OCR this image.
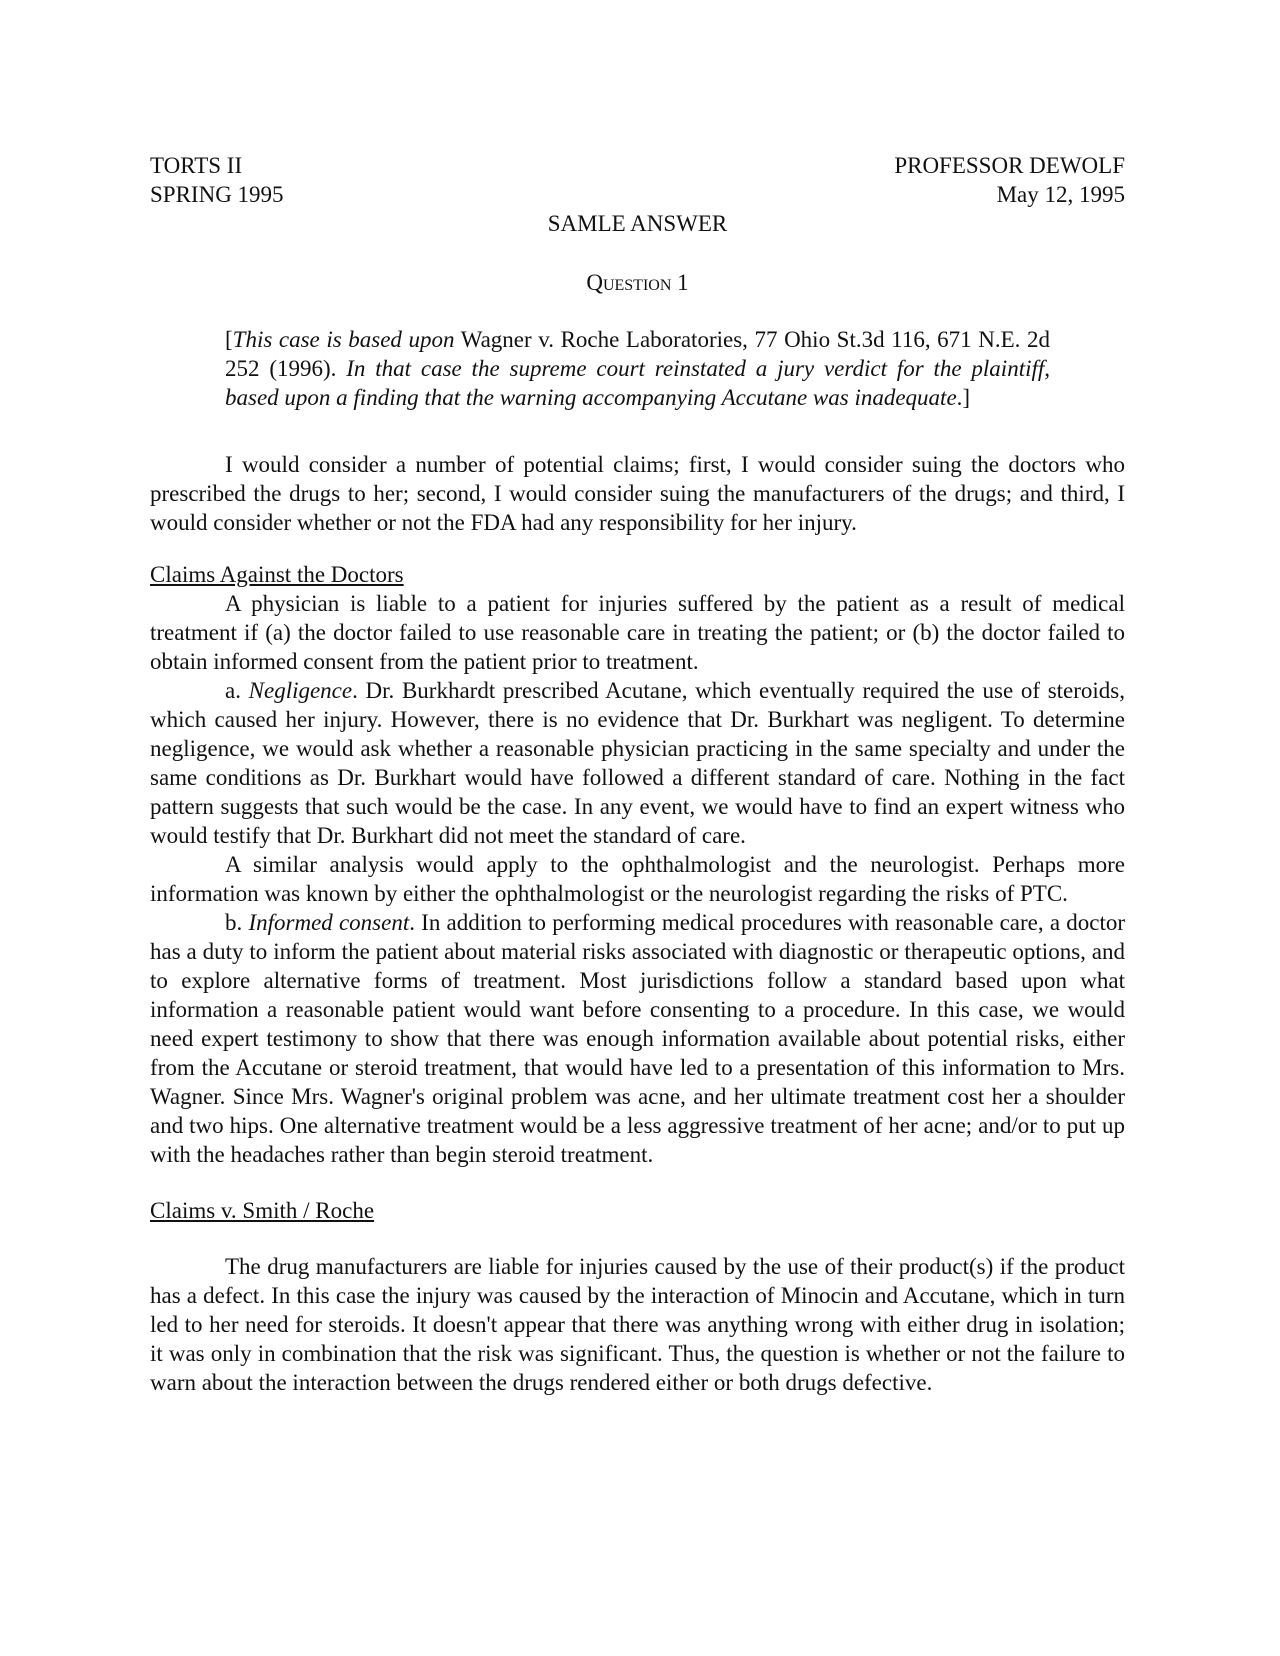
TORTS II
SPRING 1995
PROFESSOR DEWOLF
May 12, 1995
SAMLE ANSWER
Question 1
[This case is based upon Wagner v. Roche Laboratories, 77 Ohio St.3d 116, 671 N.E. 2d 252 (1996). In that case the supreme court reinstated a jury verdict for the plaintiff, based upon a finding that the warning accompanying Accutane was inadequate.]

I would consider a number of potential claims; first, I would consider suing the doctors who prescribed the drugs to her; second, I would consider suing the manufacturers of the drugs; and third, I would consider whether or not the FDA had any responsibility for her injury.

Claims Against the Doctors

A physician is liable to a patient for injuries suffered by the patient as a result of medical treatment if (a) the doctor failed to use reasonable care in treating the patient; or (b) the doctor failed to obtain informed consent from the patient prior to treatment.

a. Negligence. Dr. Burkhardt prescribed Acutane, which eventually required the use of steroids, which caused her injury. However, there is no evidence that Dr. Burkhart was negligent. To determine negligence, we would ask whether a reasonable physician practicing in the same specialty and under the same conditions as Dr. Burkhart would have followed a different standard of care. Nothing in the fact pattern suggests that such would be the case. In any event, we would have to find an expert witness who would testify that Dr. Burkhart did not meet the standard of care.

A similar analysis would apply to the ophthalmologist and the neurologist. Perhaps more information was known by either the ophthalmologist or the neurologist regarding the risks of PTC.

b. Informed consent. In addition to performing medical procedures with reasonable care, a doctor has a duty to inform the patient about material risks associated with diagnostic or therapeutic options, and to explore alternative forms of treatment. Most jurisdictions follow a standard based upon what information a reasonable patient would want before consenting to a procedure. In this case, we would need expert testimony to show that there was enough information available about potential risks, either from the Accutane or steroid treatment, that would have led to a presentation of this information to Mrs. Wagner. Since Mrs. Wagner's original problem was acne, and her ultimate treatment cost her a shoulder and two hips. One alternative treatment would be a less aggressive treatment of her acne; and/or to put up with the headaches rather than begin steroid treatment.

Claims v. Smith / Roche

The drug manufacturers are liable for injuries caused by the use of their product(s) if the product has a defect. In this case the injury was caused by the interaction of Minocin and Accutane, which in turn led to her need for steroids. It doesn't appear that there was anything wrong with either drug in isolation; it was only in combination that the risk was significant. Thus, the question is whether or not the failure to warn about the interaction between the drugs rendered either or both drugs defective.
